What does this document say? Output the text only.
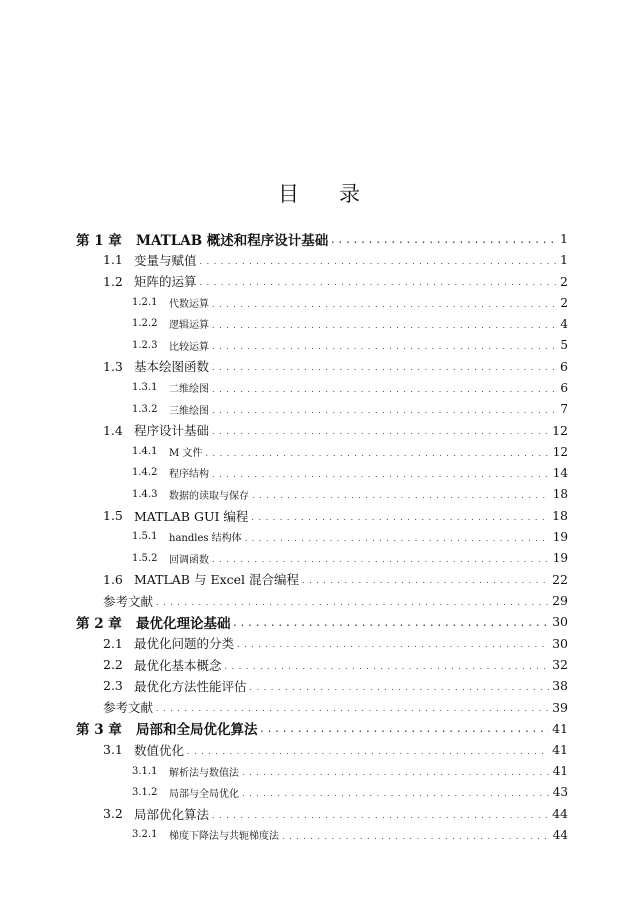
目 录
第 1 章	MATLAB 概述和程序设计基础 . . .	1
1.1 变量与赋值 . . .	1
1.2 矩阵的运算 . . .	2
1.2.1	代数运算 . . .	2
1.2.2	逻辑运算 . . .	4
1.2.3	比较运算 . . .	5
1.3 基本绘图函数 . . .	6
1.3.1	二维绘图 . . .	6
1.3.2	三维绘图 . . .	7
1.4 程序设计基础 . . .	12
1.4.1	M 文件 . . .	12
1.4.2	程序结构 . . .	14
1.4.3	数据的读取与保存 . . .	18
1.5 MATLAB GUI 编程 . . .	18
1.5.1	handles 结构体 . . .	19
1.5.2	回调函数 . . .	19
1.6 MATLAB 与 Excel 混合编程 . . .	22
参考文献 . . .	29
第 2 章	最优化理论基础 . . .	30
2.1 最优化问题的分类 . . .	30
2.2 最优化基本概念 . . .	32
2.3 最优化方法性能评估 . . .	38
参考文献 . . .	39
第 3 章	局部和全局优化算法 . . .	41
3.1 数值优化 . . .	41
3.1.1	解析法与数值法 . . .	41
3.1.2	局部与全局优化 . . .	43
3.2 局部优化算法 . . .	44
3.2.1	梯度下降法与共轭梯度法 . . .	44
